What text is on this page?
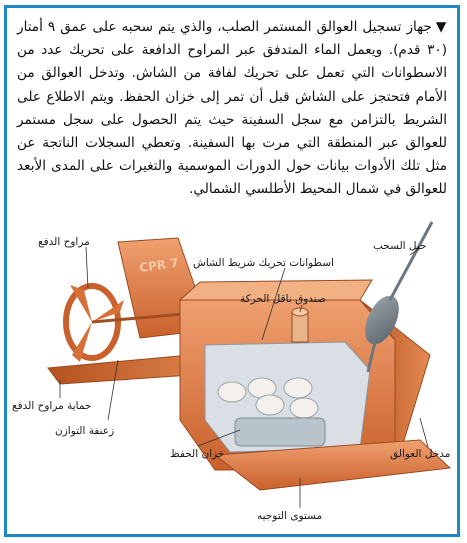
▼جهاز تسجيل العوالق المستمر الصلب، والذي يتم سحبه على عمق ٩ أمتار (٣٠ قدم). ويعمل الماء المتدفق عبر المراوح الدافعة على تحريك عدد من الاسطوانات التي تعمل على تحريك لفافة من الشاش. وتدخل العوالق من الأمام فتحتجز على الشاش قبل أن تمر إلى خزان الحفظ. ويتم الاطلاع على الشريط بالتزامن مع سجل السفينة حيث يتم الحصول على سجل مستمر للعوالق عبر المنطقة التي مرت بها السفينة. وتعطي السجلات الناتجة عن مثل تلك الأدوات بيانات حول الدورات الموسمية والتغيرات على المدى الأبعد للعوالق في شمال المحيط الأطلسي الشمالي.
CPR 7
مراوح الدفع
اسطوانات تحريك شريط الشاش
حبل السحب
صندوق ناقل الحركة
حماية مراوح الدفع
زعنفة التوازن
خزان الحفظ	مدخل العوالق
مستوى التوجيه
